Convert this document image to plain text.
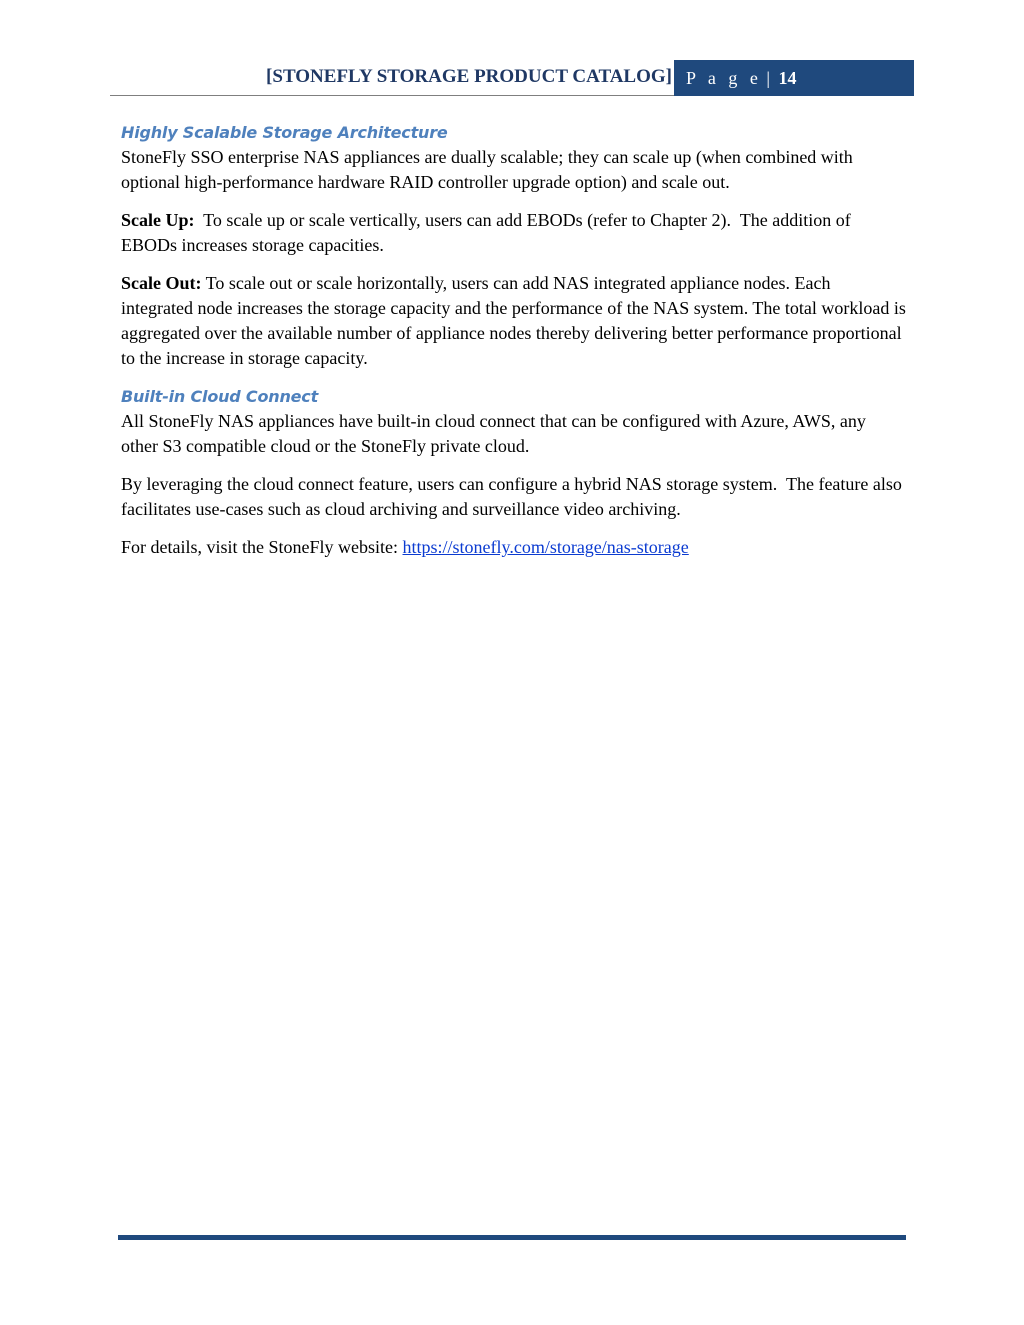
[STONEFLY STORAGE PRODUCT CATALOG] P a g e | 14
Highly Scalable Storage Architecture

StoneFly SSO enterprise NAS appliances are dually scalable; they can scale up (when combined with optional high-performance hardware RAID controller upgrade option) and scale out.

Scale Up:  To scale up or scale vertically, users can add EBODs (refer to Chapter 2).  The addition of EBODs increases storage capacities.

Scale Out: To scale out or scale horizontally, users can add NAS integrated appliance nodes. Each integrated node increases the storage capacity and the performance of the NAS system. The total workload is aggregated over the available number of appliance nodes thereby delivering better performance proportional to the increase in storage capacity.

Built-in Cloud Connect

All StoneFly NAS appliances have built-in cloud connect that can be configured with Azure, AWS, any other S3 compatible cloud or the StoneFly private cloud.

By leveraging the cloud connect feature, users can configure a hybrid NAS storage system.  The feature also facilitates use-cases such as cloud archiving and surveillance video archiving.

For details, visit the StoneFly website: https://stonefly.com/storage/nas-storage
